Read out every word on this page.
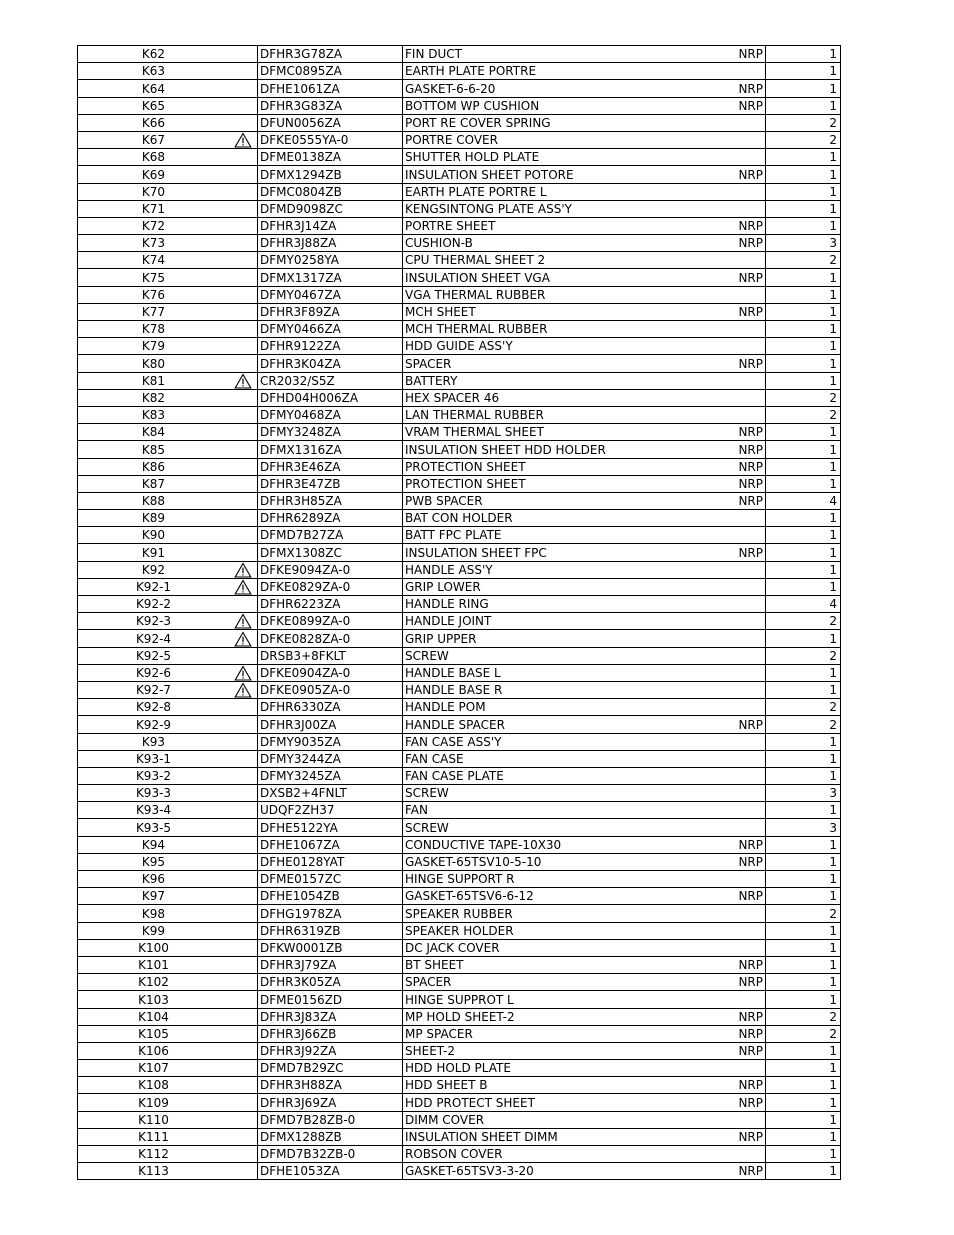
K62		DFHR3G78ZA	FIN DUCT NRP	1
K63		DFMC0895ZA	EARTH PLATE PORTRE	1
K64		DFHE1061ZA	GASKET-6-6-20 NRP	1
K65		DFHR3G83ZA	BOTTOM WP CUSHION NRP	1
K66		DFUN0056ZA	PORT RE COVER SPRING	2
K67		DFKE0555YA-0	PORTRE COVER	2
K68		DFME0138ZA	SHUTTER HOLD PLATE	1
K69		DFMX1294ZB	INSULATION SHEET POTORE NRP	1
K70		DFMC0804ZB	EARTH PLATE PORTRE L	1
K71		DFMD9098ZC	KENGSINTONG PLATE ASS'Y	1
K72		DFHR3J14ZA	PORTRE SHEET NRP	1
K73		DFHR3J88ZA	CUSHION-B NRP	3
K74		DFMY0258YA	CPU THERMAL SHEET 2	2
K75		DFMX1317ZA	INSULATION SHEET VGA NRP	1
K76		DFMY0467ZA	VGA THERMAL RUBBER	1
K77		DFHR3F89ZA	MCH SHEET NRP	1
K78		DFMY0466ZA	MCH THERMAL RUBBER	1
K79		DFHR9122ZA	HDD GUIDE ASS'Y	1
K80		DFHR3K04ZA	SPACER NRP	1
K81		CR2032/S5Z	BATTERY	1
K82		DFHD04H006ZA	HEX SPACER 46	2
K83		DFMY0468ZA	LAN THERMAL RUBBER	2
K84		DFMY3248ZA	VRAM THERMAL SHEET NRP	1
K85		DFMX1316ZA	INSULATION SHEET HDD HOLDER NRP	1
K86		DFHR3E46ZA	PROTECTION SHEET NRP	1
K87		DFHR3E47ZB	PROTECTION SHEET NRP	1
K88		DFHR3H85ZA	PWB SPACER NRP	4
K89		DFHR6289ZA	BAT CON HOLDER	1
K90		DFMD7B27ZA	BATT FPC PLATE	1
K91		DFMX1308ZC	INSULATION SHEET FPC NRP	1
K92		DFKE9094ZA-0	HANDLE ASS'Y	1
K92-1		DFKE0829ZA-0	GRIP LOWER	1
K92-2		DFHR6223ZA	HANDLE RING	4
K92-3		DFKE0899ZA-0	HANDLE JOINT	2
K92-4		DFKE0828ZA-0	GRIP UPPER	1
K92-5		DRSB3+8FKLT	SCREW	2
K92-6		DFKE0904ZA-0	HANDLE BASE L	1
K92-7		DFKE0905ZA-0	HANDLE BASE R	1
K92-8		DFHR6330ZA	HANDLE POM	2
K92-9		DFHR3J00ZA	HANDLE SPACER NRP	2
K93		DFMY9035ZA	FAN CASE ASS'Y	1
K93-1		DFMY3244ZA	FAN CASE	1
K93-2		DFMY3245ZA	FAN CASE PLATE	1
K93-3		DXSB2+4FNLT	SCREW	3
K93-4		UDQF2ZH37	FAN	1
K93-5		DFHE5122YA	SCREW	3
K94		DFHE1067ZA	CONDUCTIVE TAPE-10X30 NRP	1
K95		DFHE0128YAT	GASKET-65TSV10-5-10 NRP	1
K96		DFME0157ZC	HINGE SUPPORT R	1
K97		DFHE1054ZB	GASKET-65TSV6-6-12 NRP	1
K98		DFHG1978ZA	SPEAKER RUBBER	2
K99		DFHR6319ZB	SPEAKER HOLDER	1
K100		DFKW0001ZB	DC JACK COVER	1
K101		DFHR3J79ZA	BT SHEET NRP	1
K102		DFHR3K05ZA	SPACER NRP	1
K103		DFME0156ZD	HINGE SUPPROT L	1
K104		DFHR3J83ZA	MP HOLD SHEET-2 NRP	2
K105		DFHR3J66ZB	MP SPACER NRP	2
K106		DFHR3J92ZA	SHEET-2 NRP	1
K107		DFMD7B29ZC	HDD HOLD PLATE	1
K108		DFHR3H88ZA	HDD SHEET B NRP	1
K109		DFHR3J69ZA	HDD PROTECT SHEET NRP	1
K110		DFMD7B28ZB-0	DIMM COVER	1
K111		DFMX1288ZB	INSULATION SHEET DIMM NRP	1
K112		DFMD7B32ZB-0	ROBSON COVER	1
K113		DFHE1053ZA	GASKET-65TSV3-3-20 NRP	1
